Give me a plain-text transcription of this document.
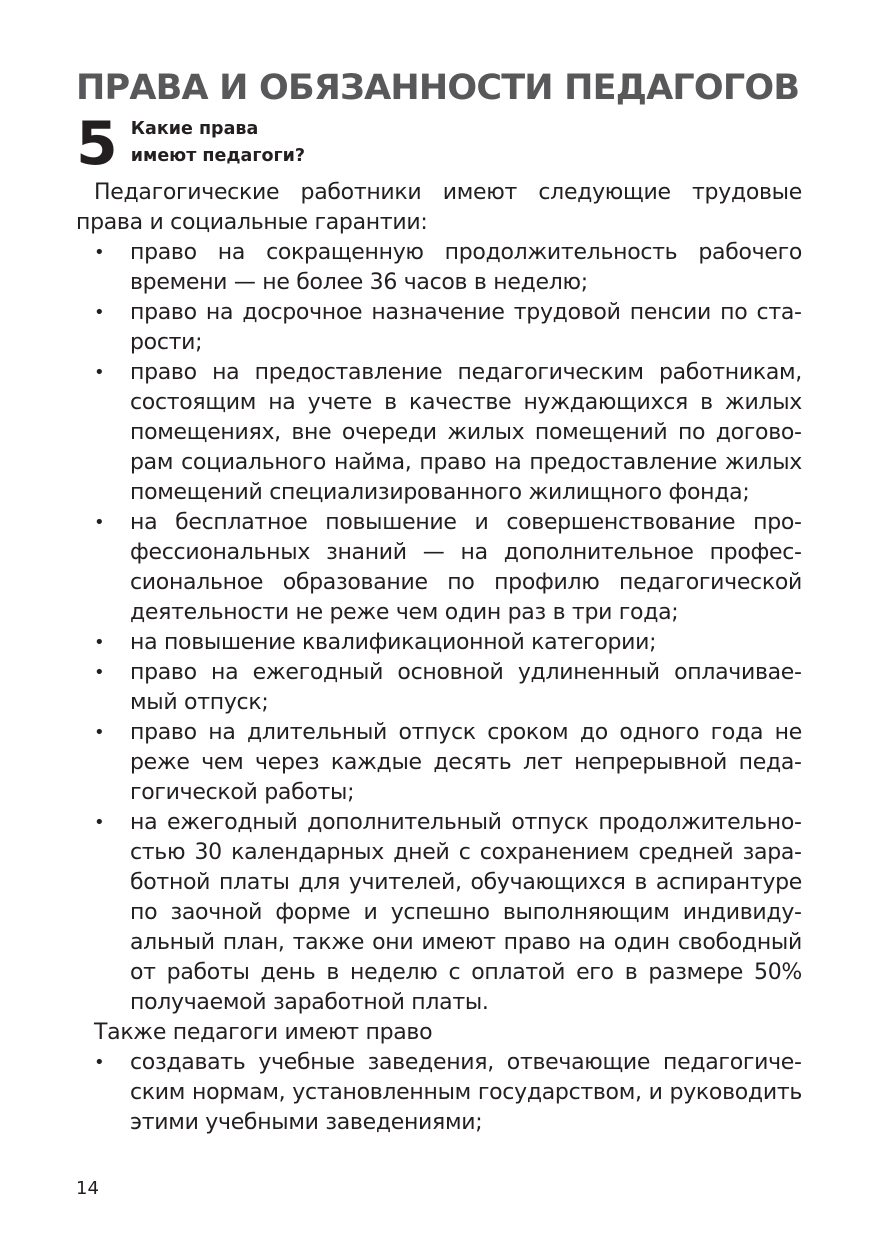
ПРАВА И ОБЯЗАННОСТИ ПЕДАГОГОВ
5 Какие права
имеют педагоги?

Педагогические работники имеют следующие трудовые права и социальные гарантии:

• право на сокращенную продолжительность рабочего времени — не более 36 часов в неделю;
• право на досрочное назначение трудовой пенсии по старости;
• право на предоставление педагогическим работникам, состоящим на учете в качестве нуждающихся в жилых помещениях, вне очереди жилых помещений по договорам социального найма, право на предоставление жилых помещений специализированного жилищного фонда;
• на бесплатное повышение и совершенствование профессиональных знаний — на дополнительное профессиональное образование по профилю педагогической деятельности не реже чем один раз в три года;
• на повышение квалификационной категории;
• право на ежегодный основной удлиненный оплачиваемый отпуск;
• право на длительный отпуск сроком до одного года не реже чем через каждые десять лет непрерывной педагогической работы;
• на ежегодный дополнительный отпуск продолжительностью 30 календарных дней с сохранением средней заработной платы для учителей, обучающихся в аспирантуре по заочной форме и успешно выполняющим индивидуальный план, также они имеют право на один свободный от работы день в неделю с оплатой его в размере 50% получаемой заработной платы.

Также педагоги имеют право

• создавать учебные заведения, отвечающие педагогическим нормам, установленным государством, и руководить этими учебными заведениями;
14
